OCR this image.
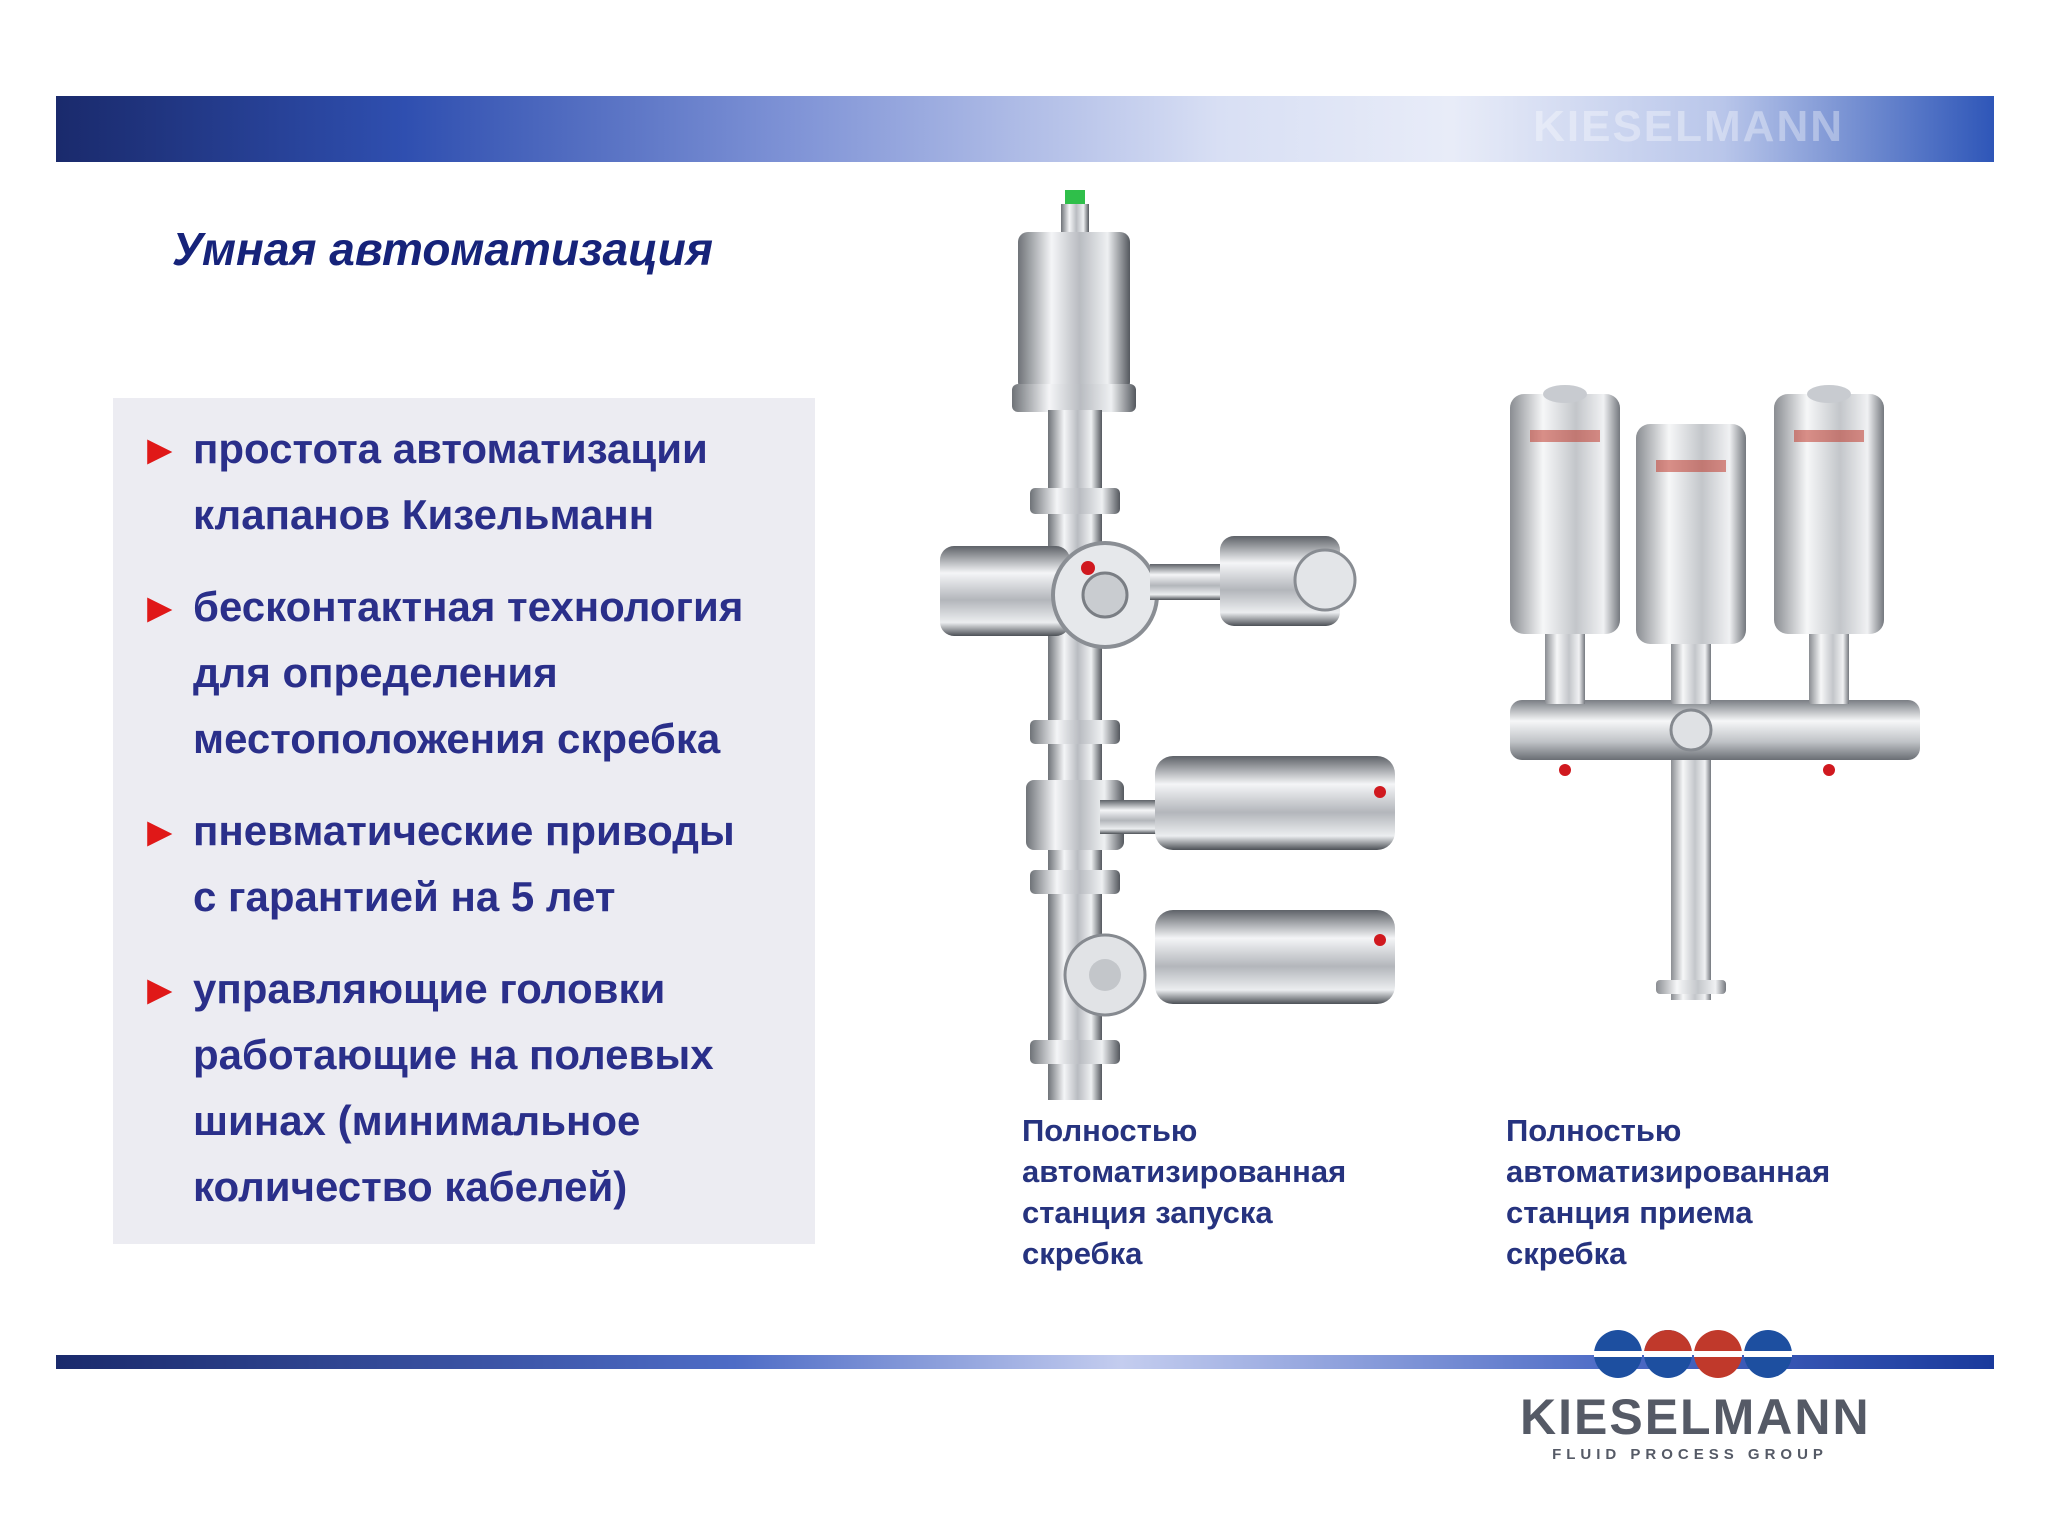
KIESELMANN
Умная автоматизация
► простота автоматизации
клапанов Кизельманн
► бесконтактная технология
для определения
местоположения скребка
► пневматические приводы
с гарантией на 5 лет
► управляющие головки
работающие на полевых
шинах (минимальное
количество кабелей)
Полностью
автоматизированная
станция запуска
скребка
Полностью
автоматизированная
станция приема
скребка
KIESELMANN
FLUID PROCESS GROUP
